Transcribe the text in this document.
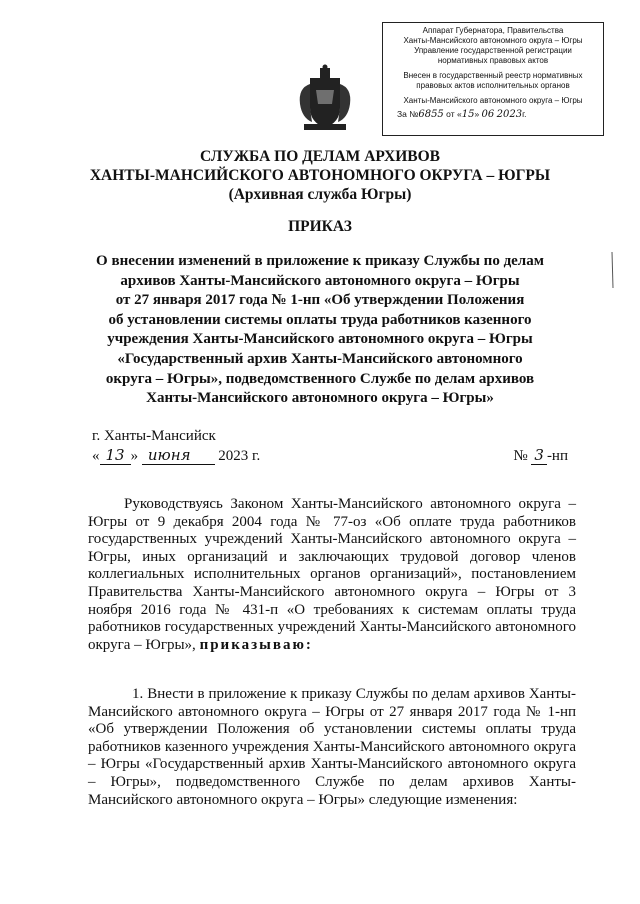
Аппарат Губернатора, Правительства
Ханты-Мансийского автономного округа – Югры
Управление государственной регистрации
нормативных правовых актов
Внесен в государственный реестр нормативных
правовых актов исполнительных органов
Ханты-Мансийского автономного округа – Югры
За №6855 от «15» 06 2023г.
СЛУЖБА ПО ДЕЛАМ АРХИВОВ
ХАНТЫ-МАНСИЙСКОГО АВТОНОМНОГО ОКРУГА – ЮГРЫ
(Архивная служба Югры)
ПРИКАЗ
О внесении изменений в приложение к приказу Службы по делам
архивов Ханты-Мансийского автономного округа – Югры
от 27 января 2017 года № 1-нп «Об утверждении Положения
об установлении системы оплаты труда работников казенного
учреждения Ханты-Мансийского автономного округа – Югры
«Государственный архив Ханты-Мансийского автономного
округа – Югры», подведомственного Службе по делам архивов
Ханты-Мансийского автономного округа – Югры»
г. Ханты-Мансийск
« 13 » июня 2023 г.	№ 3 -нп
Руководствуясь Законом Ханты-Мансийского автономного округа – Югры от 9 декабря 2004 года № 77-оз «Об оплате труда работников государственных учреждений Ханты-Мансийского автономного округа – Югры, иных организаций и заключающих трудовой договор членов коллегиальных исполнительных органов организаций», постановлением Правительства Ханты-Мансийского автономного округа – Югры от 3 ноября 2016 года № 431-п «О требованиях к системам оплаты труда работников государственных учреждений Ханты-Мансийского автономного округа – Югры», приказываю:
1. Внести в приложение к приказу Службы по делам архивов Ханты-Мансийского автономного округа – Югры от 27 января 2017 года № 1-нп «Об утверждении Положения об установлении системы оплаты труда работников казенного учреждения Ханты-Мансийского автономного округа – Югры «Государственный архив Ханты-Мансийского автономного округа – Югры», подведомственного Службе по делам архивов Ханты-Мансийского автономного округа – Югры» следующие изменения:
